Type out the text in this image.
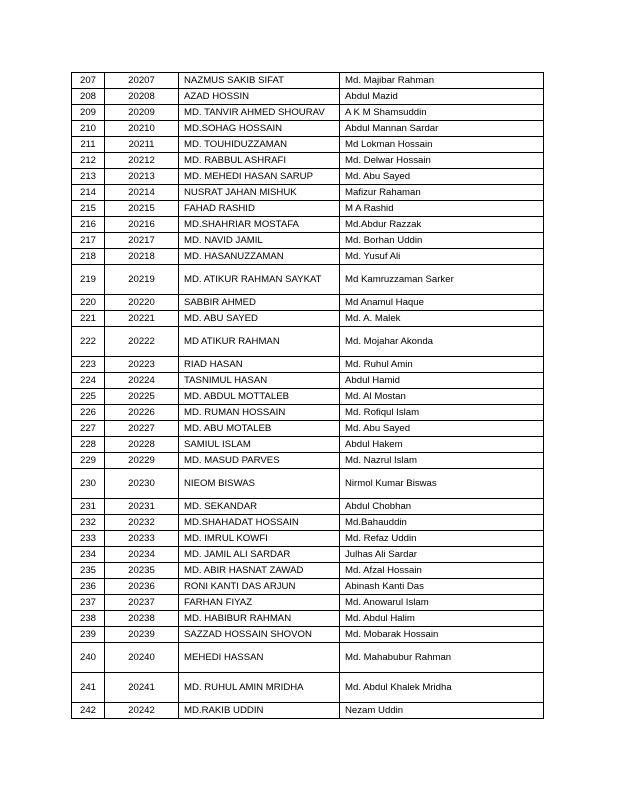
207	20207	NAZMUS SAKIB SIFAT	Md. Majibar Rahman
208	20208	AZAD HOSSIN	Abdul Mazid
209	20209	MD. TANVIR AHMED SHOURAV	A K M Shamsuddin
210	20210	MD.SOHAG HOSSAIN	Abdul Mannan Sardar
211	20211	MD. TOUHIDUZZAMAN	Md Lokman Hossain
212	20212	MD. RABBUL ASHRAFI	Md. Delwar Hossain
213	20213	MD. MEHEDI HASAN SARUP	Md. Abu Sayed
214	20214	NUSRAT JAHAN MISHUK	Mafizur Rahaman
215	20215	FAHAD RASHID	M A Rashid
216	20216	MD.SHAHRIAR MOSTAFA	Md.Abdur Razzak
217	20217	MD. NAVID JAMIL	Md. Borhan Uddin
218	20218	MD. HASANUZZAMAN	Md. Yusuf Ali
219	20219	MD. ATIKUR RAHMAN SAYKAT	Md Kamruzzaman Sarker
220	20220	SABBIR AHMED	Md Anamul Haque
221	20221	MD. ABU SAYED	Md. A. Malek
222	20222	MD ATIKUR RAHMAN	Md. Mojahar Akonda
223	20223	RIAD HASAN	Md. Ruhul Amin
224	20224	TASNIMUL HASAN	Abdul Hamid
225	20225	MD. ABDUL MOTTALEB	Md. Al Mostan
226	20226	MD. RUMAN HOSSAIN	Md. Rofiqul Islam
227	20227	MD. ABU MOTALEB	Md. Abu Sayed
228	20228	SAMIUL ISLAM	Abdul Hakem
229	20229	MD. MASUD PARVES	Md. Nazrul Islam
230	20230	NIEOM BISWAS	Nirmol Kumar Biswas
231	20231	MD. SEKANDAR	Abdul Chobhan
232	20232	MD.SHAHADAT HOSSAIN	Md.Bahauddin
233	20233	MD. IMRUL KOWFI	Md. Refaz Uddin
234	20234	MD. JAMIL ALI SARDAR	Julhas Ali Sardar
235	20235	MD. ABIR HASNAT ZAWAD	Md. Afzal Hossain
236	20236	RONI KANTI DAS ARJUN	Abinash Kanti Das
237	20237	FARHAN FIYAZ	Md. Anowarul Islam
238	20238	MD. HABIBUR RAHMAN	Md. Abdul Halim
239	20239	SAZZAD HOSSAIN SHOVON	Md. Mobarak Hossain
240	20240	MEHEDI HASSAN	Md. Mahabubur Rahman
241	20241	MD. RUHUL AMIN MRIDHA	Md. Abdul Khalek Mridha
242	20242	MD.RAKIB UDDIN	Nezam Uddin
